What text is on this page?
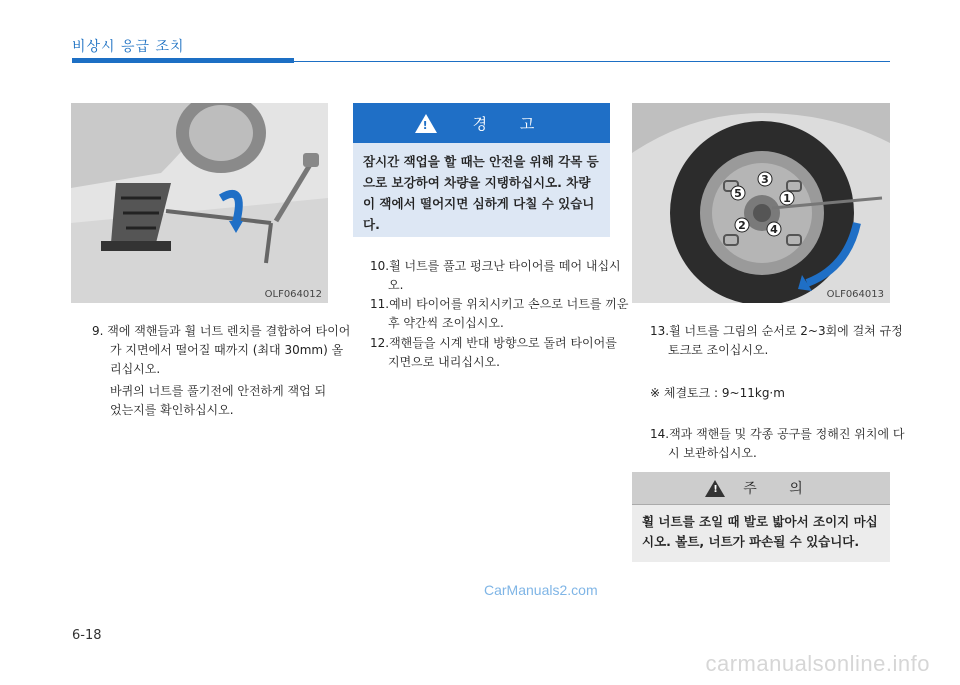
비상시 응급 조치
OLF064012
!	경 고
잠시간 잭업을 할 때는 안전을 위해 각목 등으로 보강하여 차량을 지탱하십시오. 차량이 잭에서 떨어지면 심하게 다칠 수 있습니다.
1
2
3
4
5
OLF064013
9. 잭에 잭핸들과 휠 너트 렌치를 결합하여 타이어가 지면에서 떨어질 때까지 (최대 30mm) 올리십시오.
바퀴의 너트를 풀기전에 안전하게 잭업 되었는지를 확인하십시오.
10.휠 너트를 풀고 펑크난 타이어를 떼어 내십시오.
11.예비 타이어를 위치시키고 손으로 너트를 끼운 후 약간씩 조이십시오.
12.잭핸들을 시계 반대 방향으로 돌려 타이어를 지면으로 내리십시오.
13.휠 너트를 그림의 순서로 2~3회에 걸쳐 규정 토크로 조이십시오.
※ 체결토크 : 9~11kg·m
14.잭과 잭핸들 및 각종 공구를 정해진 위치에 다시 보관하십시오.
! 주 의
휠 너트를 조일 때 발로 밟아서 조이지 마십시오. 볼트, 너트가 파손될 수 있습니다.
CarManuals2.com
6-18
carmanualsonline.info
